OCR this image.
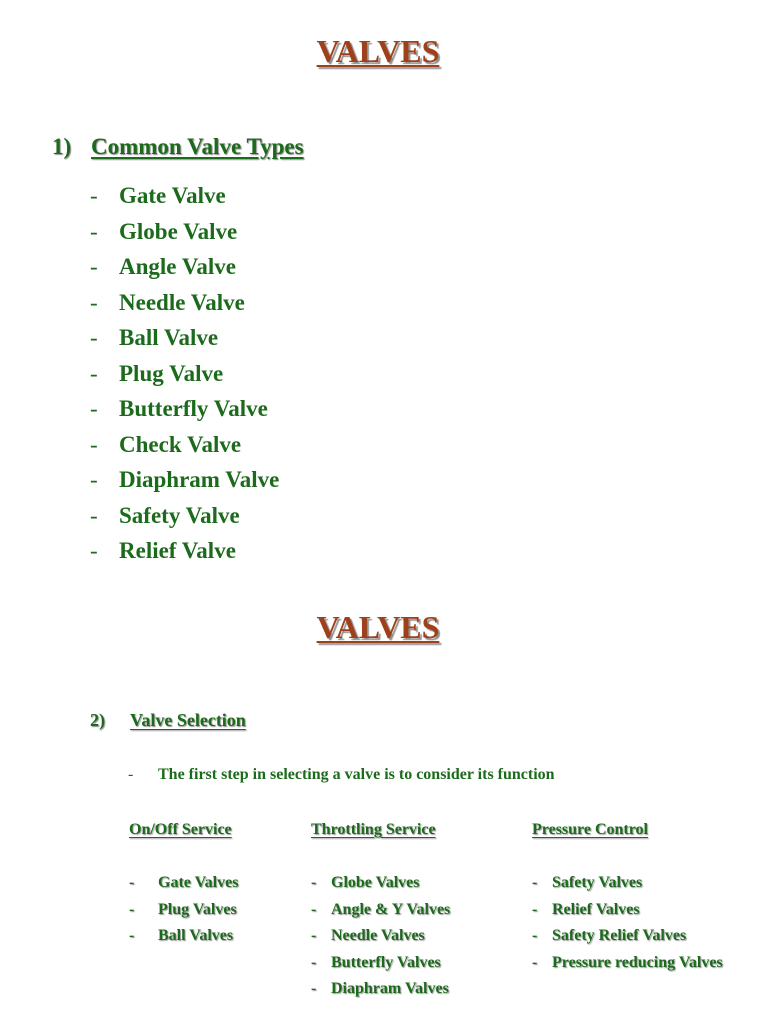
VALVES
1) Common Valve Types
- Gate Valve
- Globe Valve
- Angle Valve
- Needle Valve
- Ball Valve
- Plug Valve
- Butterfly Valve
- Check Valve
- Diaphram Valve
- Safety Valve
- Relief Valve
VALVES
2) Valve Selection
- The first step in selecting a valve is to consider its function
On/Off Service
- Gate Valves
- Plug Valves
- Ball Valves
Throttling Service
- Globe Valves
- Angle & Y Valves
- Needle Valves
- Butterfly Valves
- Diaphram Valves
Pressure Control
- Safety Valves
- Relief Valves
- Safety Relief Valves
- Pressure reducing Valves
